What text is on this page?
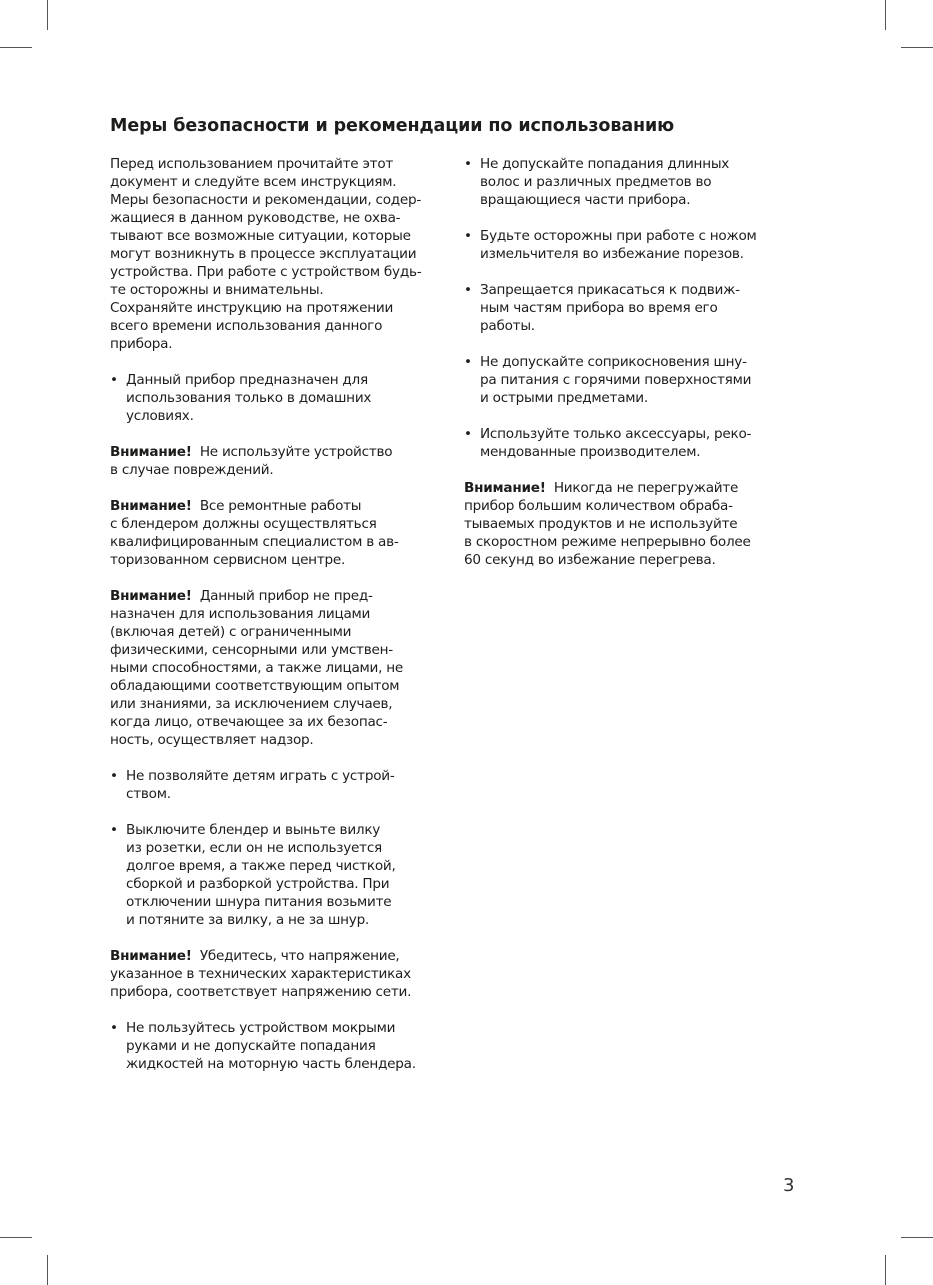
Меры безопасности и рекомендации по использованию
Перед использованием прочитайте этот
документ и следуйте всем инструкциям.
Меры безопасности и рекомендации, содер-
жащиеся в данном руководстве, не охва-
тывают все возможные ситуации, которые
могут возникнуть в процессе эксплуатации
устройства. При работе с устройством будь-
те осторожны и внимательны.
Сохраняйте инструкцию на протяжении
всего времени использования данного
прибора.
• Данный прибор предназначен для
использования только в домашних
условиях.
Внимание! Не используйте устройство
в случае повреждений.
Внимание! Все ремонтные работы
с блендером должны осуществляться
квалифицированным специалистом в ав-
торизованном сервисном центре.
Внимание! Данный прибор не пред-
назначен для использования лицами
(включая детей) с ограниченными
физическими, сенсорными или умствен-
ными способностями, а также лицами, не
обладающими соответствующим опытом
или знаниями, за исключением случаев,
когда лицо, отвечающее за их безопас-
ность, осуществляет надзор.
• Не позволяйте детям играть с устрой-
ством.
• Выключите блендер и выньте вилку
из розетки, если он не используется
долгое время, а также перед чисткой,
сборкой и разборкой устройства. При
отключении шнура питания возьмите
и потяните за вилку, а не за шнур.
Внимание! Убедитесь, что напряжение,
указанное в технических характеристиках
прибора, соответствует напряжению сети.
• Не пользуйтесь устройством мокрыми
руками и не допускайте попадания
жидкостей на моторную часть блендера.
• Не допускайте попадания длинных
волос и различных предметов во
вращающиеся части прибора.
• Будьте осторожны при работе с ножом
измельчителя во избежание порезов.
• Запрещается прикасаться к подвиж-
ным частям прибора во время его
работы.
• Не допускайте соприкосновения шну-
ра питания с горячими поверхностями
и острыми предметами.
• Используйте только аксессуары, реко-
мендованные производителем.
Внимание! Никогда не перегружайте
прибор большим количеством обраба-
тываемых продуктов и не используйте
в скоростном режиме непрерывно более
60 секунд во избежание перегрева.
3
